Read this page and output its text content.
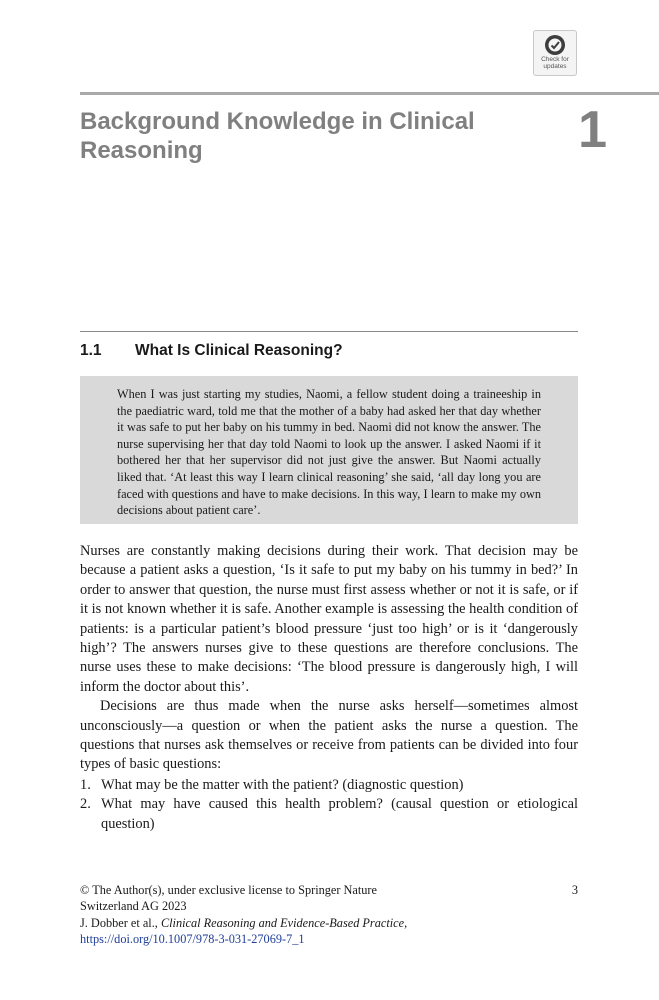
Check for
updates
Background Knowledge in Clinical Reasoning	1
1.1 What Is Clinical Reasoning?

When I was just starting my studies, Naomi, a fellow student doing a traineeship in the paediatric ward, told me that the mother of a baby had asked her that day whether it was safe to put her baby on his tummy in bed. Naomi did not know the answer. The nurse supervising her that day told Naomi to look up the answer. I asked Naomi if it bothered her that her supervisor did not just give the answer. But Naomi actually liked that. ‘At least this way I learn clinical reasoning’ she said, ‘all day long you are faced with questions and have to make decisions. In this way, I learn to make my own decisions about patient care’.

Nurses are constantly making decisions during their work. That decision may be because a patient asks a question, ‘Is it safe to put my baby on his tummy in bed?’ In order to answer that question, the nurse must first assess whether or not it is safe, or if it is not known whether it is safe. Another example is assessing the health condition of patients: is a particular patient’s blood pressure ‘just too high’ or is it ‘dangerously high’? The answers nurses give to these questions are therefore conclusions. The nurse uses these to make decisions: ‘The blood pressure is dangerously high, I will inform the doctor about this’.

Decisions are thus made when the nurse asks herself—sometimes almost unconsciously—a question or when the patient asks the nurse a question. The questions that nurses ask themselves or receive from patients can be divided into four types of basic questions:

1. What may be the matter with the patient? (diagnostic question)
2. What may have caused this health problem? (causal question or etiological question)
© The Author(s), under exclusive license to Springer Nature
Switzerland AG 2023
J. Dobber et al., Clinical Reasoning and Evidence-Based Practice,
https://doi.org/10.1007/978-3-031-27069-7_1
3
